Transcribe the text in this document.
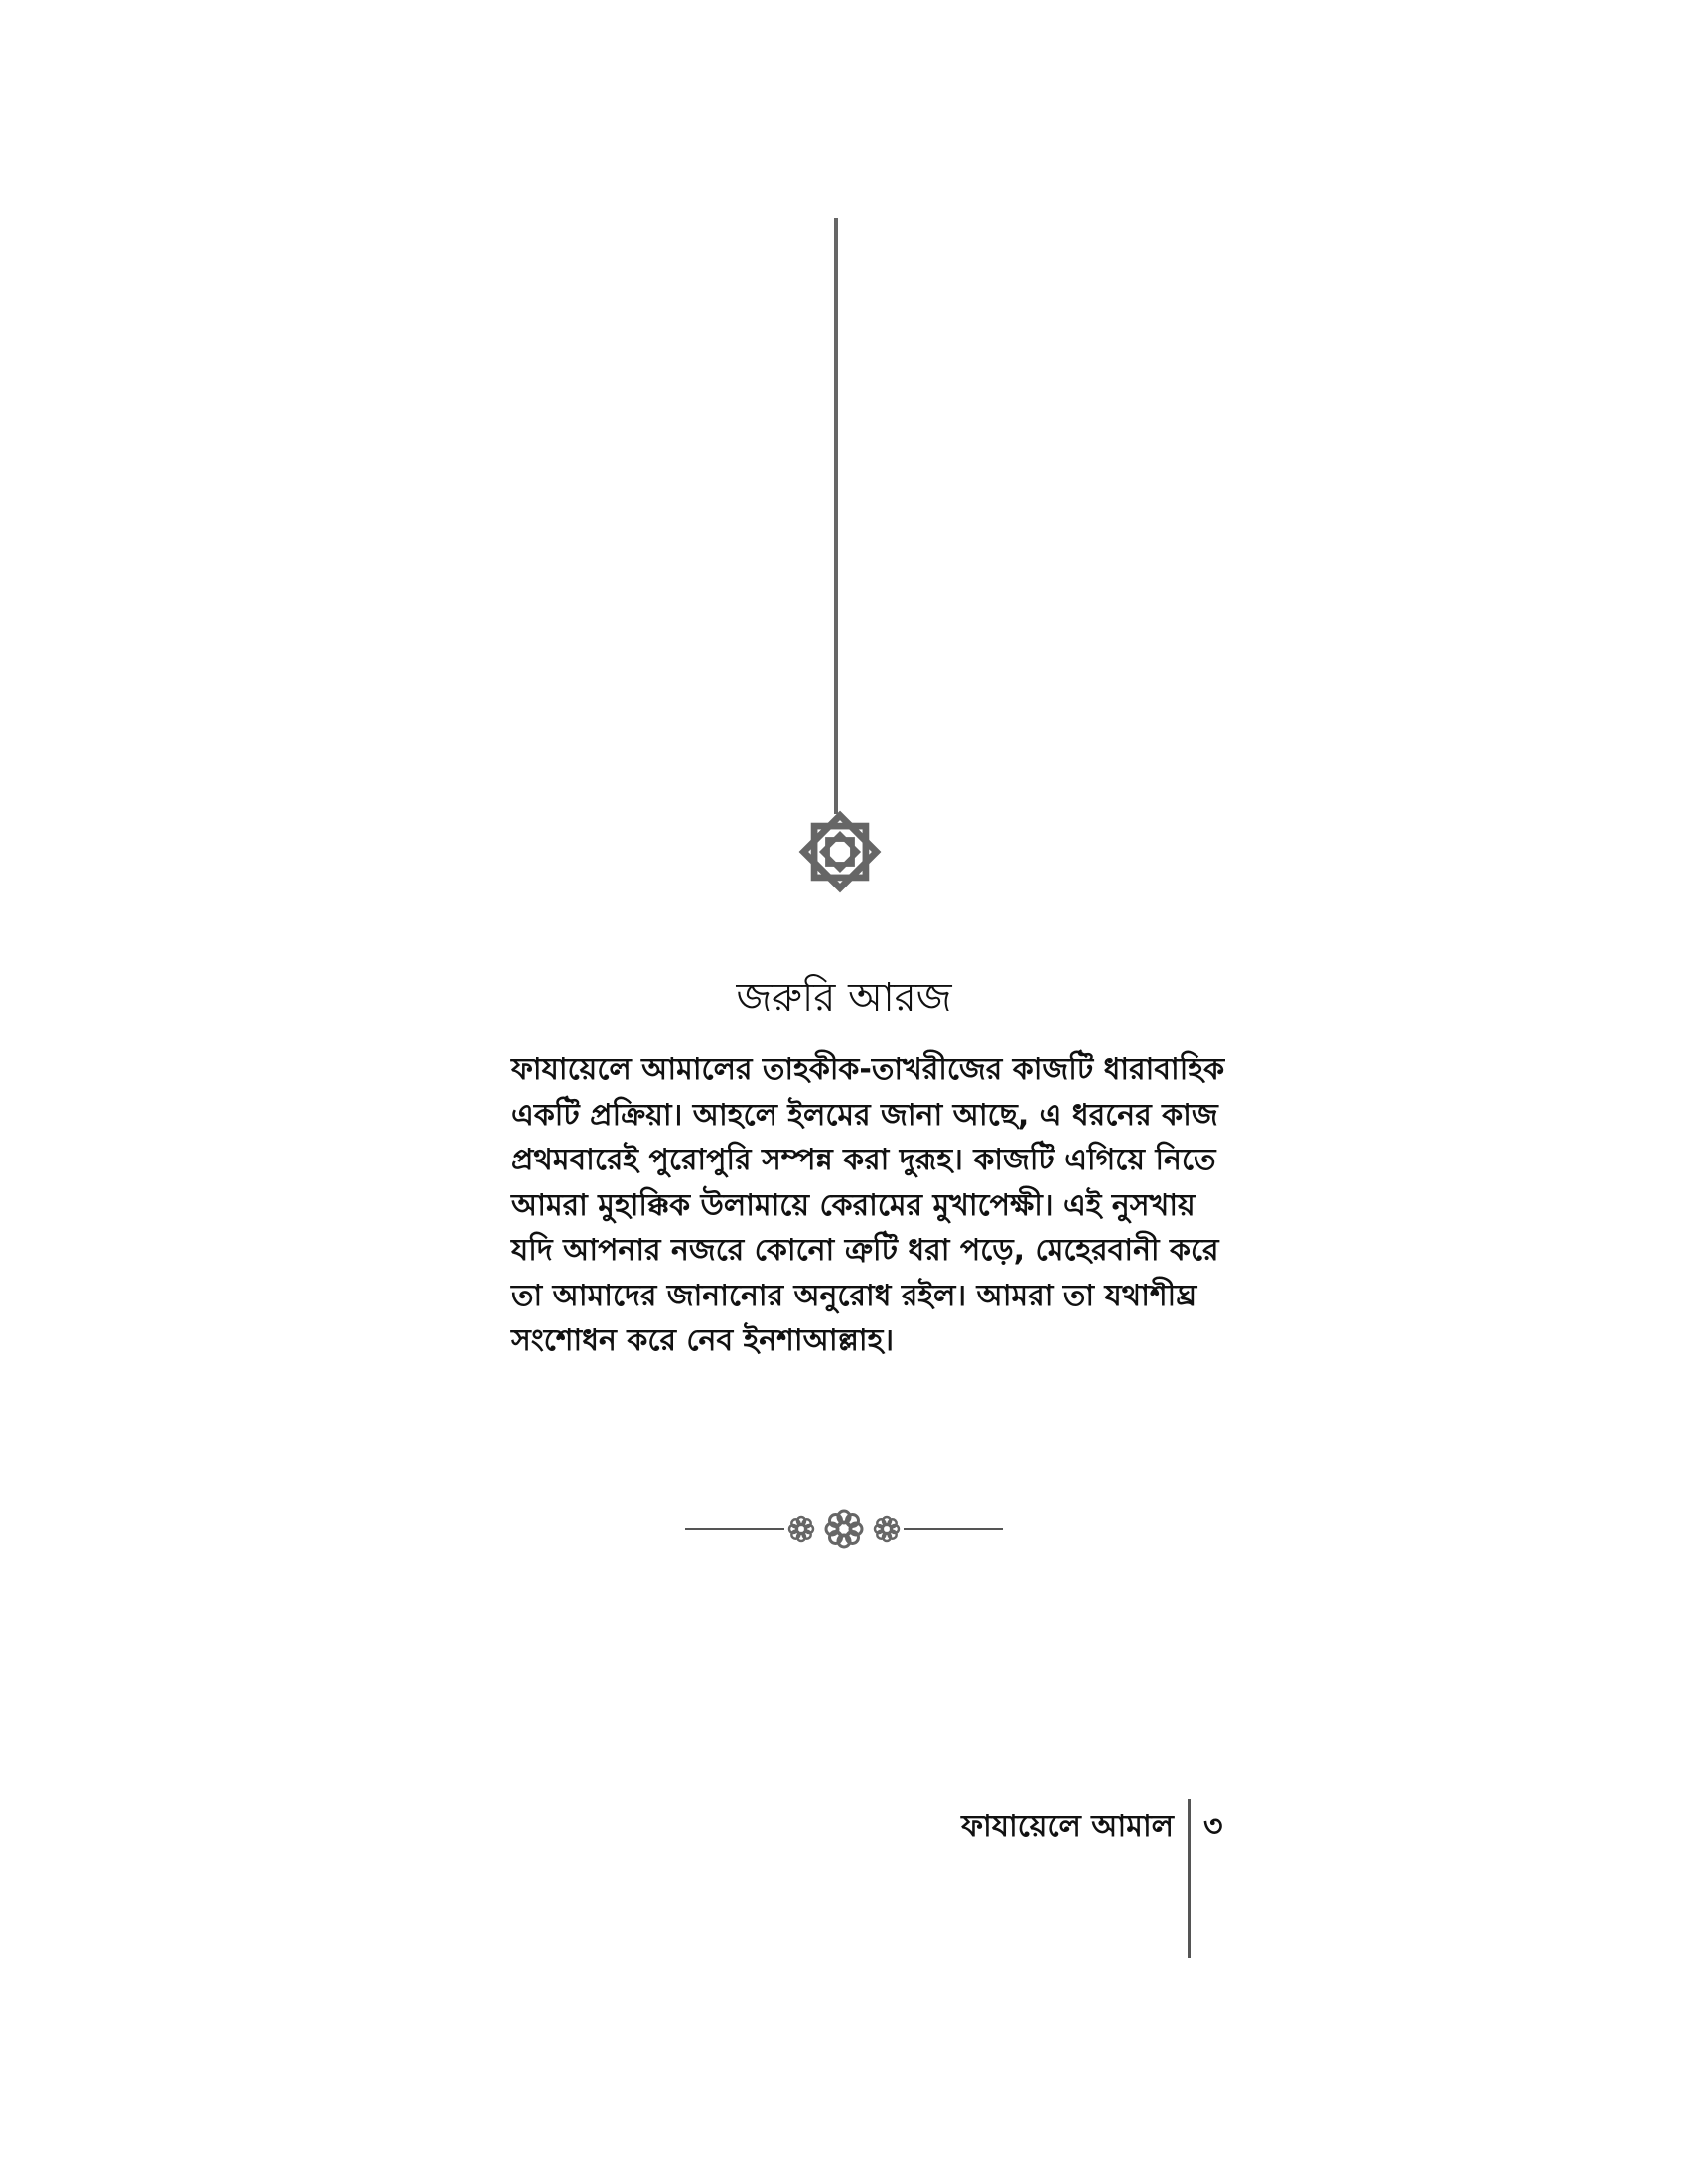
জরুরি আরজ

ফাযায়েলে আমালের তাহকীক-তাখরীজের কাজটি ধারাবাহিক
একটি প্রক্রিয়া। আহলে ইলমের জানা আছে, এ ধরনের কাজ
প্রথমবারেই পুরোপুরি সম্পন্ন করা দুরূহ। কাজটি এগিয়ে নিতে
আমরা মুহাক্কিক উলামায়ে কেরামের মুখাপেক্ষী। এই নুসখায়
যদি আপনার নজরে কোনো ত্রুটি ধরা পড়ে, মেহেরবানী করে
তা আমাদের জানানোর অনুরোধ রইল। আমরা তা যথাশীঘ্র
সংশোধন করে নেব ইনশাআল্লাহ।

ফাযায়েলে আমাল ৩
